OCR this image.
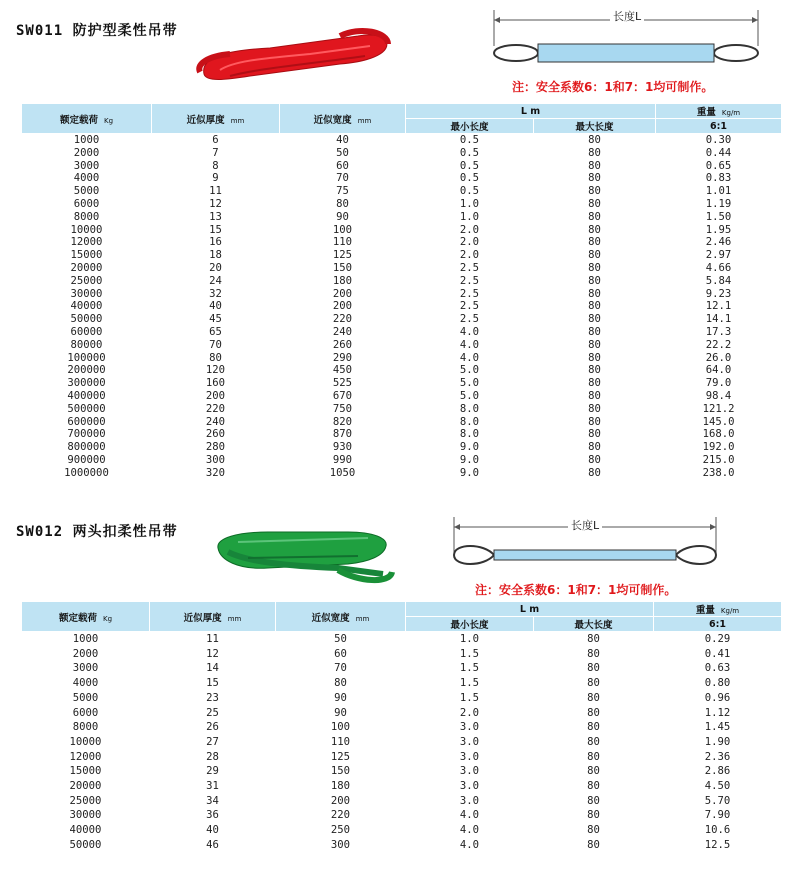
SW011 防护型柔性吊带
长度L
注：安全系数6：1和7：1均可制作。
额定载荷 Kg	近似厚度 mm	近似宽度 mm	L m		重量 Kg/m
			最小长度	最大长度	6:1
1000	6	40	0.5	80	0.30
2000	7	50	0.5	80	0.44
3000	8	60	0.5	80	0.65
4000	9	70	0.5	80	0.83
5000	11	75	0.5	80	1.01
6000	12	80	1.0	80	1.19
8000	13	90	1.0	80	1.50
10000	15	100	2.0	80	1.95
12000	16	110	2.0	80	2.46
15000	18	125	2.0	80	2.97
20000	20	150	2.5	80	4.66
25000	24	180	2.5	80	5.84
30000	32	200	2.5	80	9.23
40000	40	200	2.5	80	12.1
50000	45	220	2.5	80	14.1
60000	65	240	4.0	80	17.3
80000	70	260	4.0	80	22.2
100000	80	290	4.0	80	26.0
200000	120	450	5.0	80	64.0
300000	160	525	5.0	80	79.0
400000	200	670	5.0	80	98.4
500000	220	750	8.0	80	121.2
600000	240	820	8.0	80	145.0
700000	260	870	8.0	80	168.0
800000	280	930	9.0	80	192.0
900000	300	990	9.0	80	215.0
1000000	320	1050	9.0	80	238.0
SW012 两头扣柔性吊带	长度L
注：安全系数6：1和7：1均可制作。
额定载荷 Kg	近似厚度 mm	近似宽度 mm	L m		重量 Kg/m
			最小长度	最大长度	6:1
1000	11	50	1.0	80	0.29
2000	12	60	1.5	80	0.41
3000	14	70	1.5	80	0.63
4000	15	80	1.5	80	0.80
5000	23	90	1.5	80	0.96
6000	25	90	2.0	80	1.12
8000	26	100	3.0	80	1.45
10000	27	110	3.0	80	1.90
12000	28	125	3.0	80	2.36
15000	29	150	3.0	80	2.86
20000	31	180	3.0	80	4.50
25000	34	200	3.0	80	5.70
30000	36	220	4.0	80	7.90
40000	40	250	4.0	80	10.6
50000	46	300	4.0	80	12.5
